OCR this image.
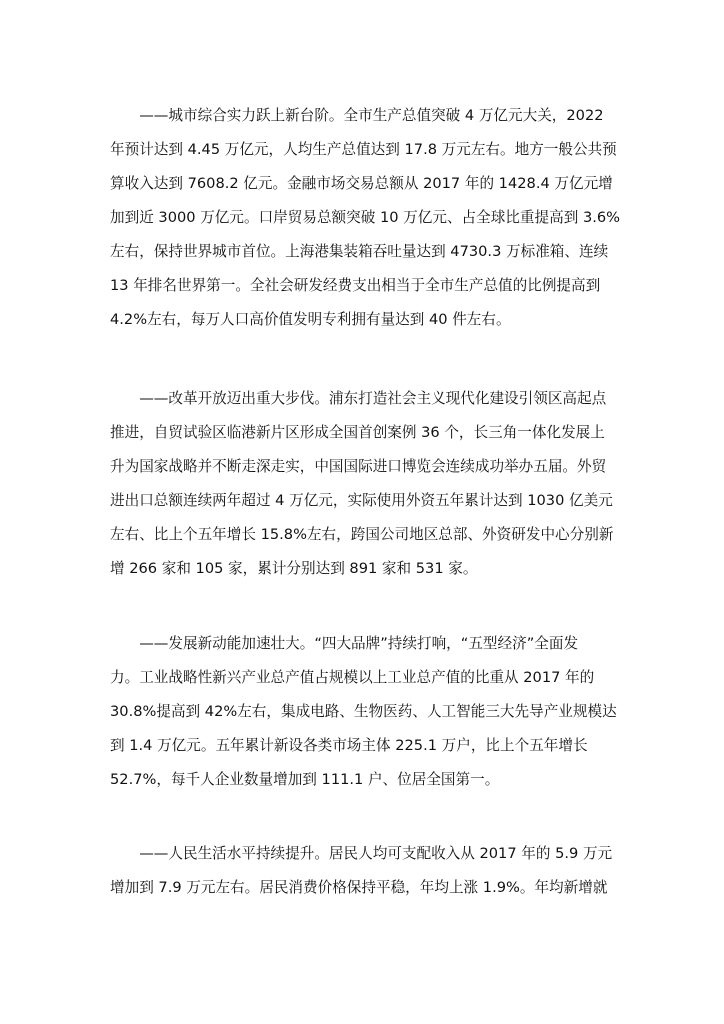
　　——城市综合实力跃上新台阶。全市生产总值突破 4 万亿元大关，2022
年预计达到 4.45 万亿元，人均生产总值达到 17.8 万元左右。地方一般公共预
算收入达到 7608.2 亿元。金融市场交易总额从 2017 年的 1428.4 万亿元增
加到近 3000 万亿元。口岸贸易总额突破 10 万亿元、占全球比重提高到 3.6%
左右，保持世界城市首位。上海港集装箱吞吐量达到 4730.3 万标准箱、连续
13 年排名世界第一。全社会研发经费支出相当于全市生产总值的比例提高到
4.2%左右，每万人口高价值发明专利拥有量达到 40 件左右。
　　——改革开放迈出重大步伐。浦东打造社会主义现代化建设引领区高起点
推进，自贸试验区临港新片区形成全国首创案例 36 个，长三角一体化发展上
升为国家战略并不断走深走实，中国国际进口博览会连续成功举办五届。外贸
进出口总额连续两年超过 4 万亿元，实际使用外资五年累计达到 1030 亿美元
左右、比上个五年增长 15.8%左右，跨国公司地区总部、外资研发中心分别新
增 266 家和 105 家，累计分别达到 891 家和 531 家。
　　——发展新动能加速壮大。“四大品牌”持续打响，“五型经济”全面发
力。工业战略性新兴产业总产值占规模以上工业总产值的比重从 2017 年的
30.8%提高到 42%左右，集成电路、生物医药、人工智能三大先导产业规模达
到 1.4 万亿元。五年累计新设各类市场主体 225.1 万户，比上个五年增长
52.7%，每千人企业数量增加到 111.1 户、位居全国第一。
　　——人民生活水平持续提升。居民人均可支配收入从 2017 年的 5.9 万元
增加到 7.9 万元左右。居民消费价格保持平稳，年均上涨 1.9%。年均新增就
